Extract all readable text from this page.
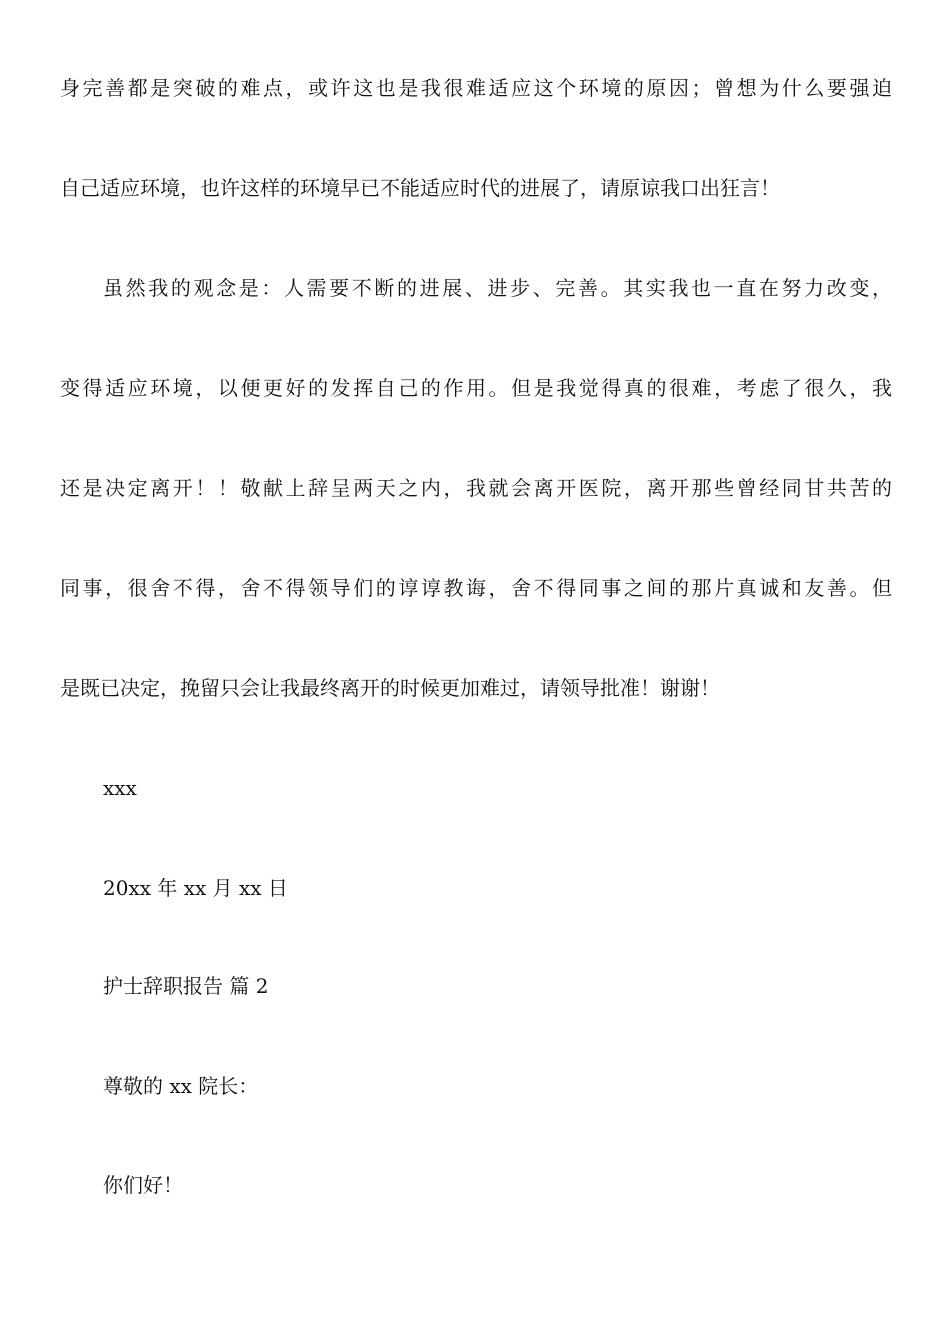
身完善都是突破的难点，或许这也是我很难适应这个环境的原因；曾想为什么要强迫
自己适应环境，也许这样的环境早已不能适应时代的进展了，请原谅我口出狂言！
虽然我的观念是：人需要不断的进展、进步、完善。其实我也一直在努力改变，
变得适应环境，以便更好的发挥自己的作用。但是我觉得真的很难，考虑了很久，我
还是决定离开！！敬献上辞呈两天之内，我就会离开医院，离开那些曾经同甘共苦的
同事，很舍不得，舍不得领导们的谆谆教诲，舍不得同事之间的那片真诚和友善。但
是既已决定，挽留只会让我最终离开的时候更加难过，请领导批准！谢谢！
xxx
20xx 年 xx 月 xx 日
护士辞职报告 篇 2
尊敬的 xx 院长：
你们好！
